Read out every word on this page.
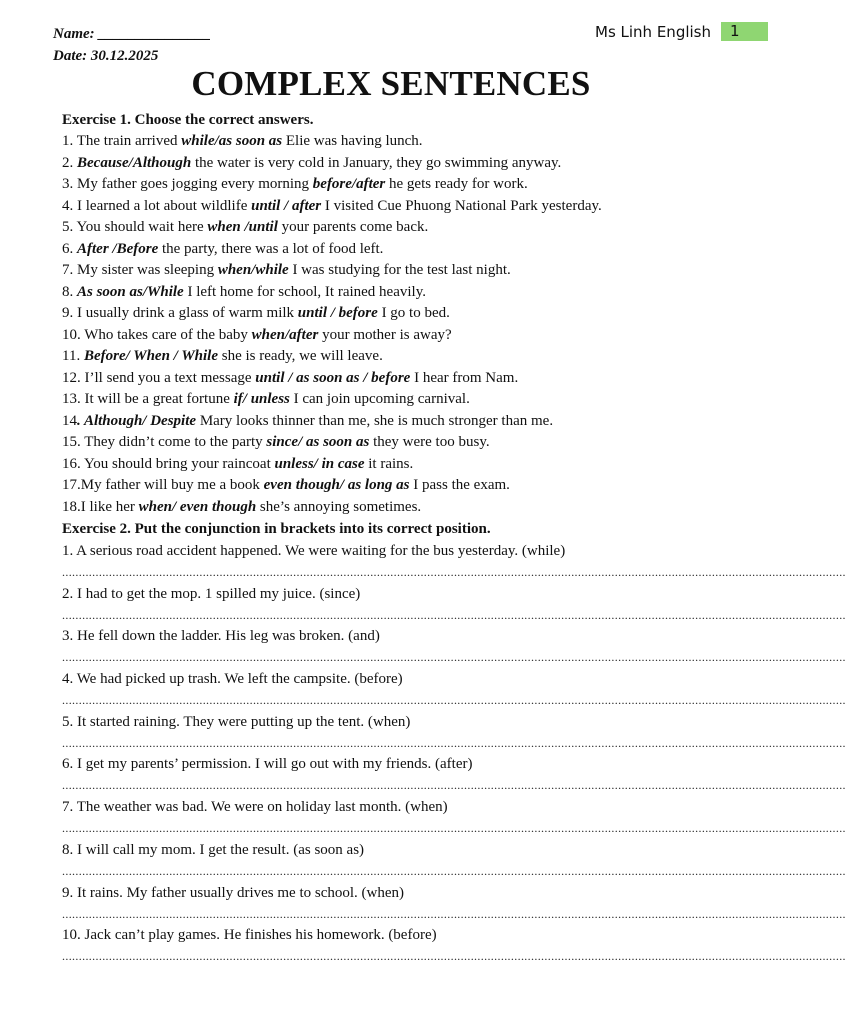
Name: _______________
Date: 30.12.2025
Ms Linh English	1
COMPLEX SENTENCES
Exercise 1. Choose the correct answers.
1. The train arrived while/as soon as Elie was having lunch.
2. Because/Although the water is very cold in January, they go swimming anyway.
3. My father goes jogging every morning before/after he gets ready for work.
4. I learned a lot about wildlife until / after I visited Cue Phuong National Park yesterday.
5. You should wait here when /until your parents come back.
6. After /Before the party, there was a lot of food left.
7. My sister was sleeping when/while I was studying for the test last night.
8. As soon as/While I left home for school, It rained heavily.
9. I usually drink a glass of warm milk until / before I go to bed.
10. Who takes care of the baby when/after your mother is away?
11. Before/ When / While she is ready, we will leave.
12. I’ll send you a text message until / as soon as / before I hear from Nam.
13. It will be a great fortune if/ unless I can join upcoming carnival.
14. Although/ Despite Mary looks thinner than me, she is much stronger than me.
15. They didn’t come to the party since/ as soon as they were too busy.
16. You should bring your raincoat unless/ in case it rains.
17.My father will buy me a book even though/ as long as I pass the exam.
18.I like her when/ even though she’s annoying sometimes.
Exercise 2. Put the conjunction in brackets into its correct position.
1. A serious road accident happened. We were waiting for the bus yesterday. (while)
..........................................................................................................................................................................................................................................
2. I had to get the mop. 1 spilled my juice. (since)
..........................................................................................................................................................................................................................................
3. He fell down the ladder. His leg was broken. (and)
..........................................................................................................................................................................................................................................
4. We had picked up trash. We left the campsite. (before)
..........................................................................................................................................................................................................................................
5. It started raining. They were putting up the tent. (when)
..........................................................................................................................................................................................................................................
6. I get my parents’ permission. I will go out with my friends. (after)
..........................................................................................................................................................................................................................................
7. The weather was bad. We were on holiday last month. (when)
..........................................................................................................................................................................................................................................
8. I will call my mom. I get the result. (as soon as)
..........................................................................................................................................................................................................................................
9. It rains. My father usually drives me to school. (when)
..........................................................................................................................................................................................................................................
10. Jack can’t play games. He finishes his homework. (before)
..........................................................................................................................................................................................................................................
